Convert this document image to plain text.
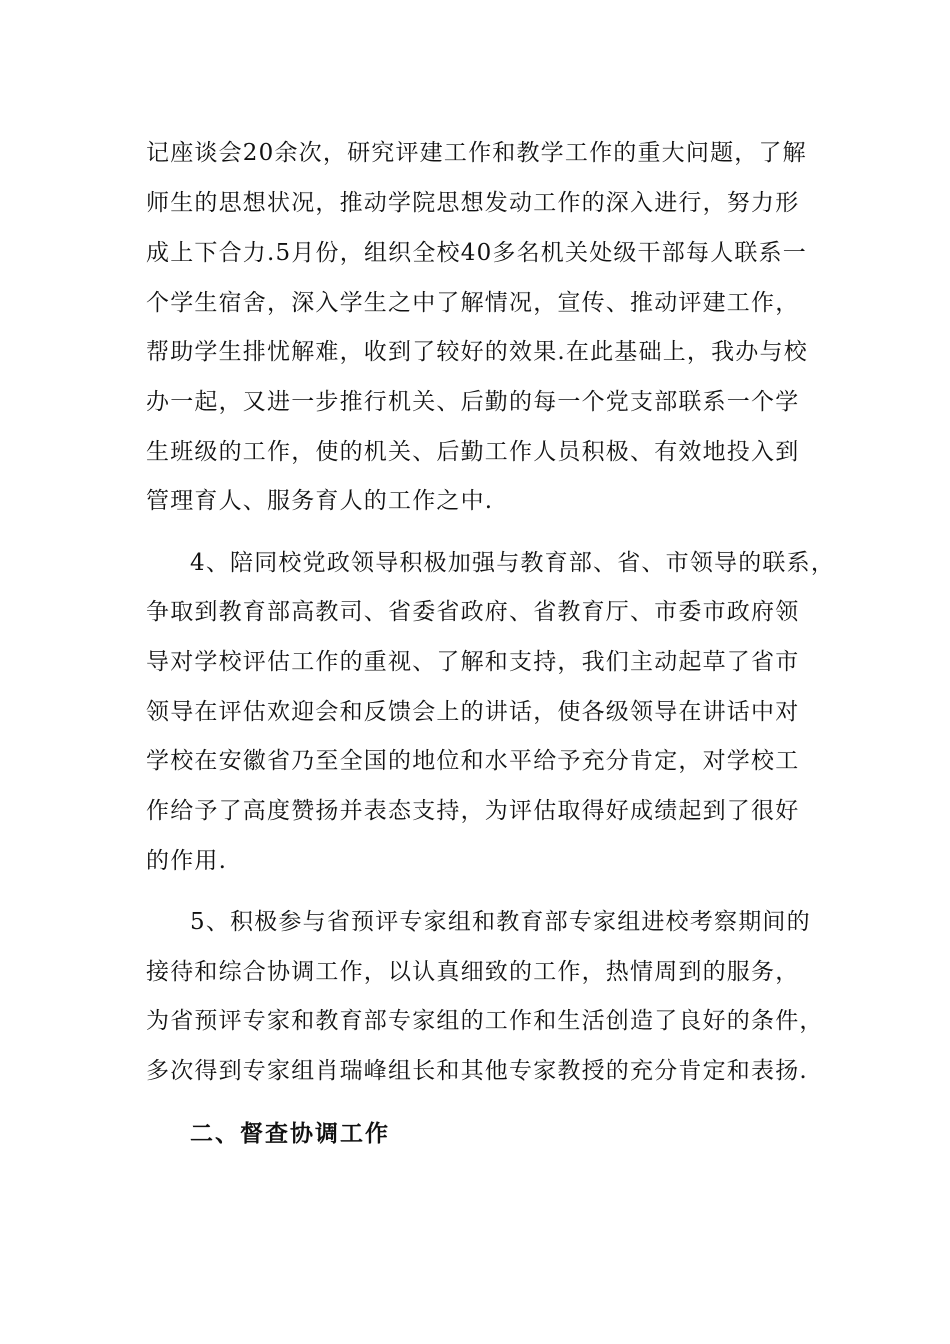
记座谈会20余次，研究评建工作和教学工作的重大问题，了解
师生的思想状况，推动学院思想发动工作的深入进行，努力形
成上下合力.5月份，组织全校40多名机关处级干部每人联系一
个学生宿舍，深入学生之中了解情况，宣传、推动评建工作，
帮助学生排忧解难，收到了较好的效果.在此基础上，我办与校
办一起，又进一步推行机关、后勤的每一个党支部联系一个学
生班级的工作，使的机关、后勤工作人员积极、有效地投入到
管理育人、服务育人的工作之中.
4、陪同校党政领导积极加强与教育部、省、市领导的联系，
争取到教育部高教司、省委省政府、省教育厅、市委市政府领
导对学校评估工作的重视、了解和支持，我们主动起草了省市
领导在评估欢迎会和反馈会上的讲话，使各级领导在讲话中对
学校在安徽省乃至全国的地位和水平给予充分肯定，对学校工
作给予了高度赞扬并表态支持，为评估取得好成绩起到了很好
的作用.
5、积极参与省预评专家组和教育部专家组进校考察期间的
接待和综合协调工作，以认真细致的工作，热情周到的服务，
为省预评专家和教育部专家组的工作和生活创造了良好的条件，
多次得到专家组肖瑞峰组长和其他专家教授的充分肯定和表扬.
二、督查协调工作
